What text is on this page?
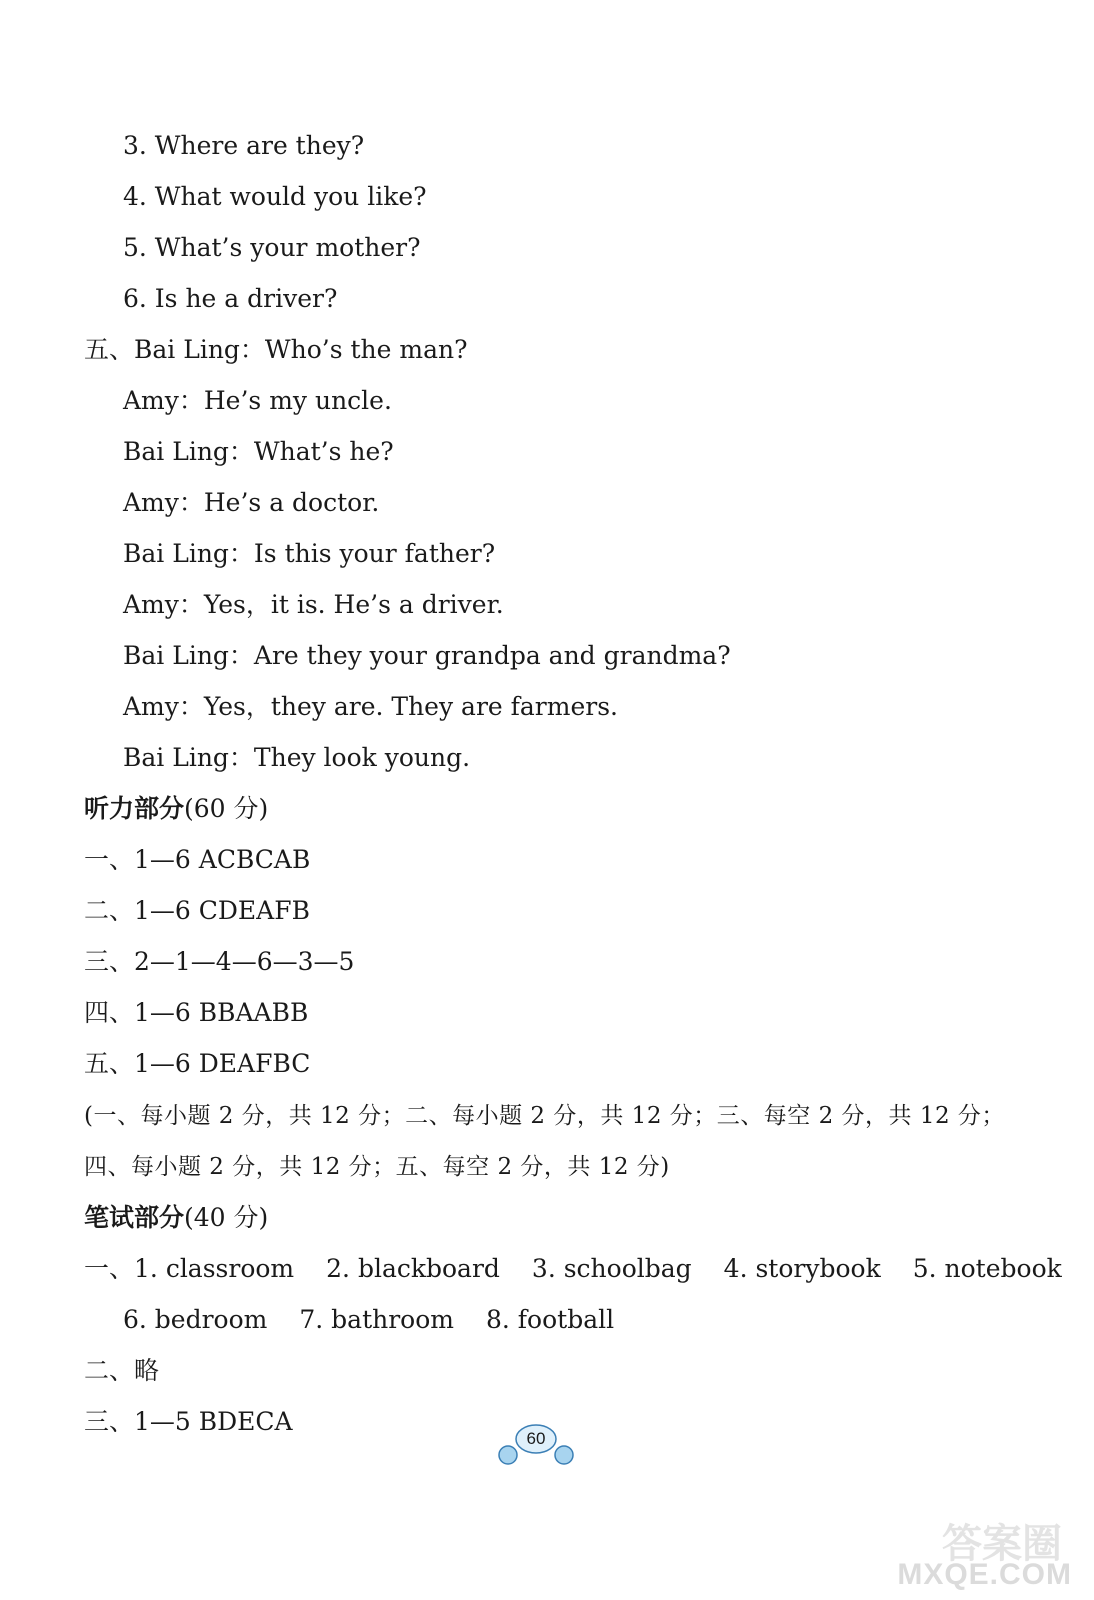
3. Where are they?
4. What would you like?
5. What’s your mother?
6. Is he a driver?
五、Bai Ling：Who’s the man?
Amy：He’s my uncle.
Bai Ling：What’s he?
Amy：He’s a doctor.
Bai Ling：Is this your father?
Amy：Yes，it is. He’s a driver.
Bai Ling：Are they your grandpa and grandma?
Amy：Yes，they are. They are farmers.
Bai Ling：They look young.
听力部分(60 分)
一、1—6 ACBCAB
二、1—6 CDEAFB
三、2—1—4—6—3—5
四、1—6 BBAABB
五、1—6 DEAFBC
(一、每小题 2 分，共 12 分；二、每小题 2 分，共 12 分；三、每空 2 分，共 12 分；
四、每小题 2 分，共 12 分；五、每空 2 分，共 12 分)
笔试部分(40 分)
一、1. classroom 2. blackboard 3. schoolbag 4. storybook 5. notebook
6. bedroom 7. bathroom 8. football
二、略
三、1—5 BDECA
60
答案圈
MXQE.COM
